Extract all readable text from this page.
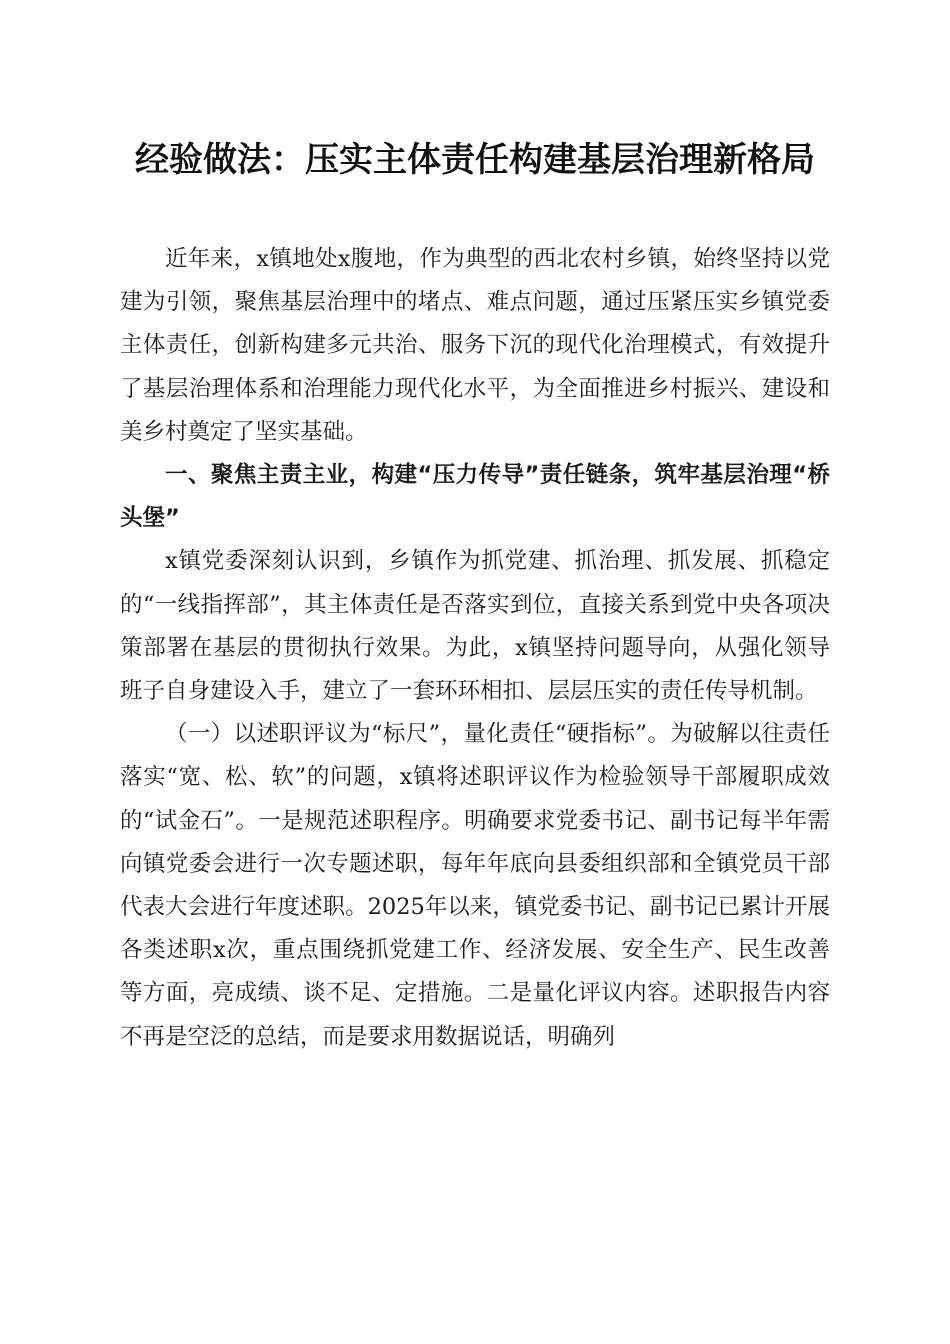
经验做法：压实主体责任构建基层治理新格局

近年来，x镇地处x腹地，作为典型的西北农村乡镇，始终坚持以党建为引领，聚焦基层治理中的堵点、难点问题，通过压紧压实乡镇党委主体责任，创新构建多元共治、服务下沉的现代化治理模式，有效提升了基层治理体系和治理能力现代化水平，为全面推进乡村振兴、建设和美乡村奠定了坚实基础。

一、聚焦主责主业，构建“压力传导”责任链条，筑牢基层治理“桥头堡”

x镇党委深刻认识到，乡镇作为抓党建、抓治理、抓发展、抓稳定的“一线指挥部”，其主体责任是否落实到位，直接关系到党中央各项决策部署在基层的贯彻执行效果。为此，x镇坚持问题导向，从强化领导班子自身建设入手，建立了一套环环相扣、层层压实的责任传导机制。

（一）以述职评议为“标尺”，量化责任“硬指标”。为破解以往责任落实“宽、松、软”的问题，x镇将述职评议作为检验领导干部履职成效的“试金石”。一是规范述职程序。明确要求党委书记、副书记每半年需向镇党委会进行一次专题述职，每年年底向县委组织部和全镇党员干部代表大会进行年度述职。2025年以来，镇党委书记、副书记已累计开展各类述职x次，重点围绕抓党建工作、经济发展、安全生产、民生改善等方面，亮成绩、谈不足、定措施。二是量化评议内容。述职报告内容不再是空泛的总结，而是要求用数据说话，明确列
